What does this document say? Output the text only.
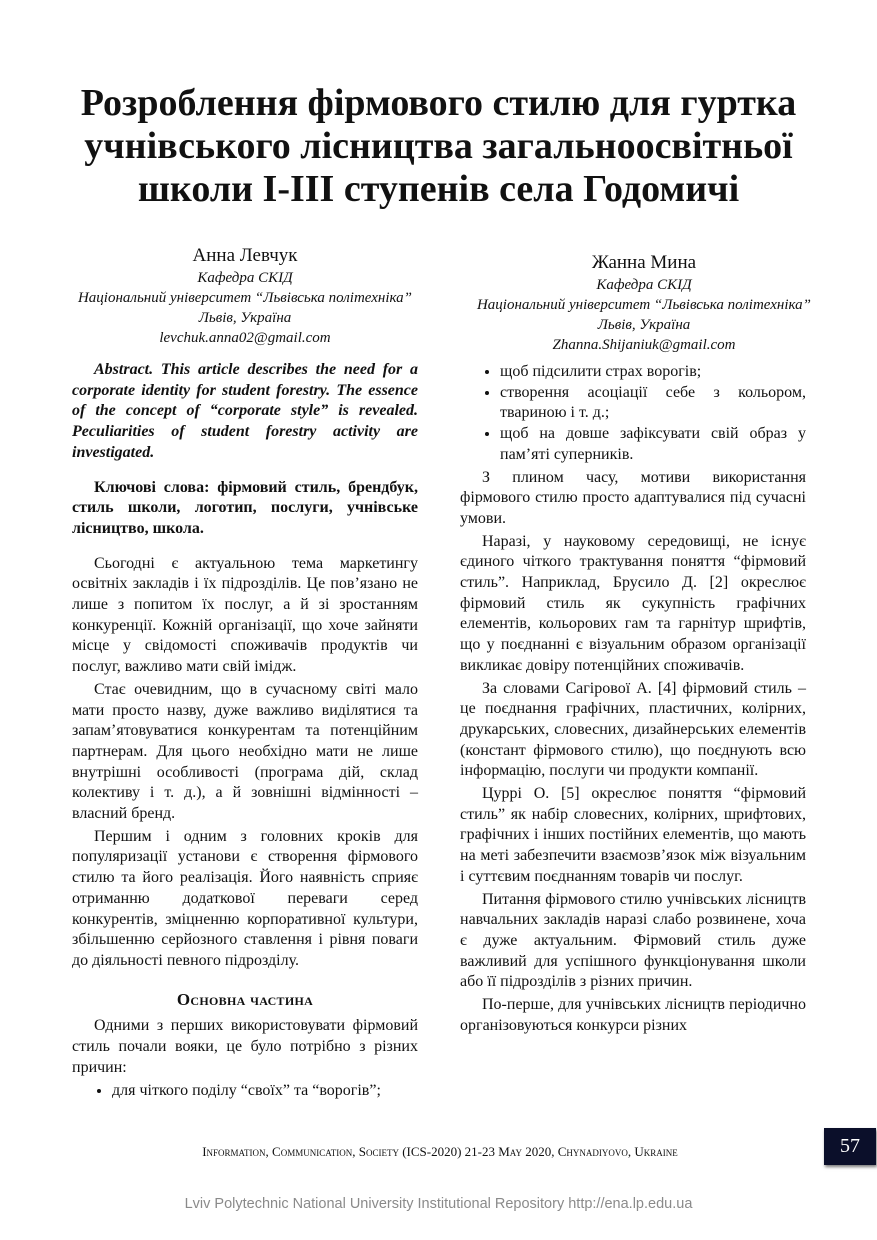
Розроблення фірмового стилю для гуртка
учнівського лісництва загальноосвітньої
школи І-ІІІ ступенів села Годомичі
Анна Левчук
Кафедра СКІД
Національний університет “Львівська політехніка”
Львів, Україна
levchuk.anna02@gmail.com
Жанна Мина
Кафедра СКІД
Національний університет “Львівська політехніка”
Львів, Україна
Zhanna.Shijaniuk@gmail.com

Abstract. This article describes the need for a corporate identity for student forestry. The essence of the concept of “corporate style” is revealed. Peculiarities of student forestry activity are investigated.

Ключові слова: фірмовий стиль, брендбук, стиль школи, логотип, послуги, учнівське лісництво, школа.

Сьогодні є актуальною тема маркетингу освітніх закладів і їх підрозділів. Це пов’язано не лише з попитом їх послуг, а й зі зростанням конкуренції. Кожній організації, що хоче зайняти місце у свідомості споживачів продуктів чи послуг, важливо мати свій імідж.

Стає очевидним, що в сучасному світі мало мати просто назву, дуже важливо виділятися та запам’ятовуватися конкурентам та потенційним партнерам. Для цього необхідно мати не лише внутрішні особливості (програма дій, склад колективу і т. д.), а й зовнішні відмінності – власний бренд.

Першим і одним з головних кроків для популяризації установи є створення фірмового стилю та його реалізація. Його наявність сприяє отриманню додаткової переваги серед конкурентів, зміцненню корпоративної культури, збільшенню серйозного ставлення і рівня поваги до діяльності певного підрозділу.

Основна частина

Одними з перших використовувати фірмовий стиль почали вояки, це було потрібно з різних причин:

• для чіткого поділу “своїх” та “ворогів”;
• щоб підсилити страх ворогів;
• створення асоціації себе з кольором, твариною і т. д.;
• щоб на довше зафіксувати свій образ у пам’яті суперників.

З плином часу, мотиви використання фірмового стилю просто адаптувалися під сучасні умови.

Наразі, у науковому середовищі, не існує єдиного чіткого трактування поняття “фірмовий стиль”. Наприклад, Брусило Д. [2] окреслює фірмовий стиль як сукупність графічних елементів, кольорових гам та гарнітур шрифтів, що у поєднанні є візуальним образом організації викликає довіру потенційних споживачів.

За словами Сагірової А. [4] фірмовий стиль – це поєднання графічних, пластичних, колірних, друкарських, словесних, дизайнерських елементів (констант фірмового стилю), що поєднують всю інформацію, послуги чи продукти компанії.

Цуррі О. [5] окреслює поняття “фірмовий стиль” як набір словесних, колірних, шрифтових, графічних і інших постійних елементів, що мають на меті забезпечити взаємозв’язок між візуальним і суттєвим поєднанням товарів чи послуг.

Питання фірмового стилю учнівських лісництв навчальних закладів наразі слабо розвинене, хоча є дуже актуальним. Фірмовий стиль дуже важливий для успішного функціонування школи або її підрозділів з різних причин.

По-перше, для учнівських лісництв періодично організовуються конкурси різних

Information, Communication, Society (ICS-2020) 21-23 May 2020, Chynadiyovo, Ukraine	57
Lviv Polytechnic National University Institutional Repository http://ena.lp.edu.ua
